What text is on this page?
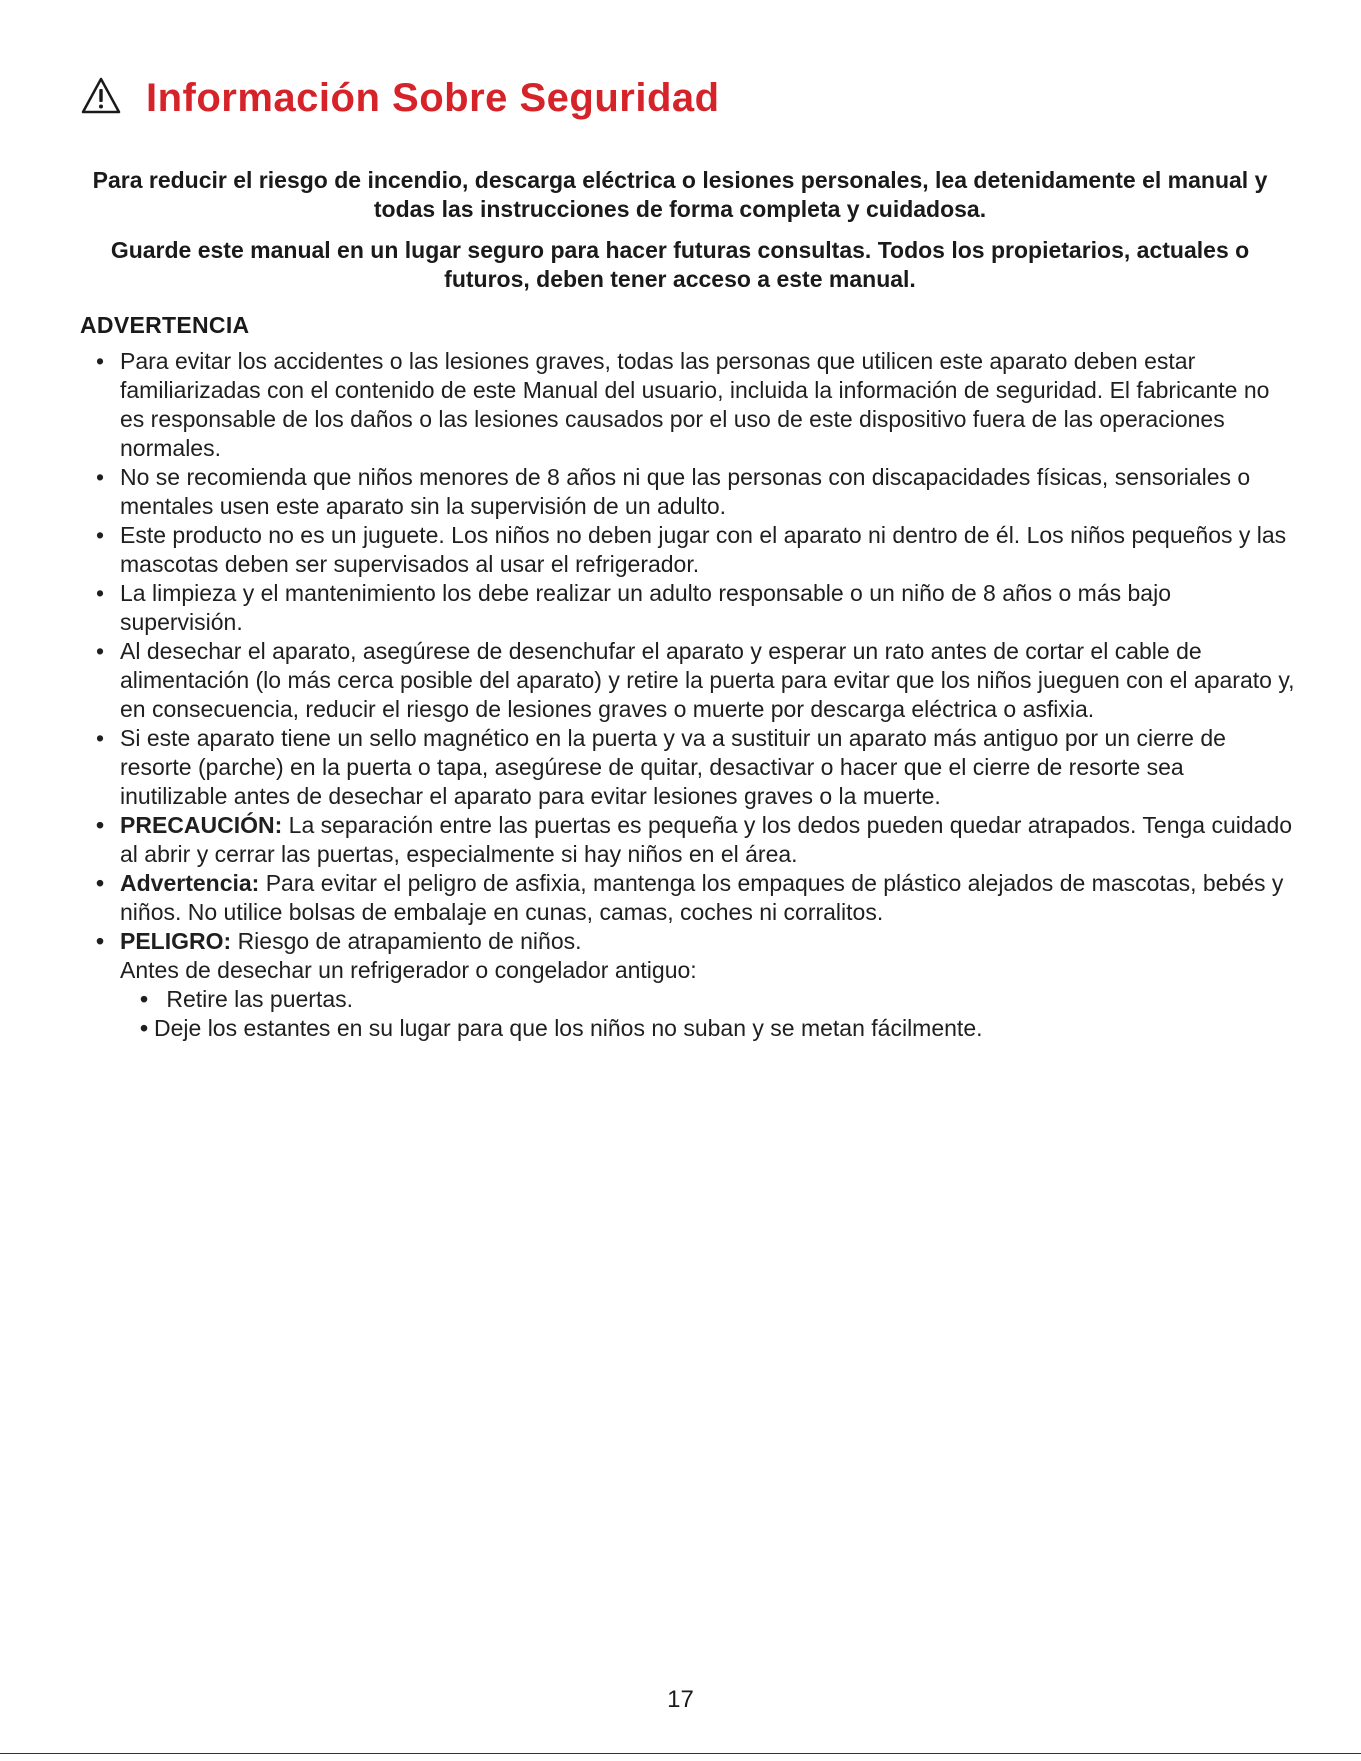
Información Sobre Seguridad

Para reducir el riesgo de incendio, descarga eléctrica o lesiones personales, lea detenidamente el manual y todas las instrucciones de forma completa y cuidadosa.

Guarde este manual en un lugar seguro para hacer futuras consultas. Todos los propietarios, actuales o futuros, deben tener acceso a este manual.

ADVERTENCIA
• Para evitar los accidentes o las lesiones graves, todas las personas que utilicen este aparato deben estar familiarizadas con el contenido de este Manual del usuario, incluida la información de seguridad. El fabricante no es responsable de los daños o las lesiones causados por el uso de este dispositivo fuera de las operaciones normales.
• No se recomienda que niños menores de 8 años ni que las personas con discapacidades físicas, sensoriales o mentales usen este aparato sin la supervisión de un adulto.
• Este producto no es un juguete. Los niños no deben jugar con el aparato ni dentro de él. Los niños pequeños y las mascotas deben ser supervisados al usar el refrigerador.
• La limpieza y el mantenimiento los debe realizar un adulto responsable o un niño de 8 años o más bajo supervisión.
• Al desechar el aparato, asegúrese de desenchufar el aparato y esperar un rato antes de cortar el cable de alimentación (lo más cerca posible del aparato) y retire la puerta para evitar que los niños jueguen con el aparato y, en consecuencia, reducir el riesgo de lesiones graves o muerte por descarga eléctrica o asfixia.
• Si este aparato tiene un sello magnético en la puerta y va a sustituir un aparato más antiguo por un cierre de resorte (parche) en la puerta o tapa, asegúrese de quitar, desactivar o hacer que el cierre de resorte sea inutilizable antes de desechar el aparato para evitar lesiones graves o la muerte.
• PRECAUCIÓN: La separación entre las puertas es pequeña y los dedos pueden quedar atrapados. Tenga cuidado al abrir y cerrar las puertas, especialmente si hay niños en el área.
• Advertencia: Para evitar el peligro de asfixia, mantenga los empaques de plástico alejados de mascotas, bebés y niños. No utilice bolsas de embalaje en cunas, camas, coches ni corralitos.
• PELIGRO: Riesgo de atrapamiento de niños.
Antes de desechar un refrigerador o congelador antiguo:
• Retire las puertas.
• Deje los estantes en su lugar para que los niños no suban y se metan fácilmente.
17
